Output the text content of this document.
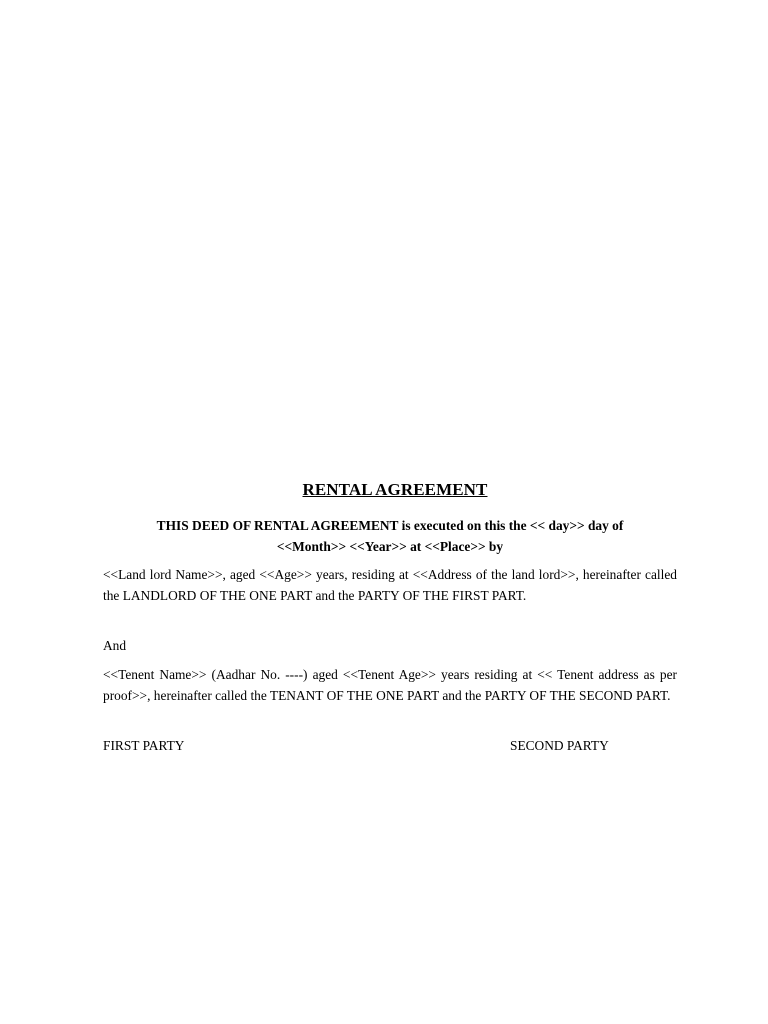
RENTAL AGREEMENT
THIS DEED OF RENTAL AGREEMENT is executed on this the << day>> day of
<<Month>> <<Year>> at <<Place>> by
<<Land lord Name>>, aged <<Age>> years, residing at <<Address of the land lord>>, hereinafter called the LANDLORD OF THE ONE PART and the PARTY OF THE FIRST PART.
And
<<Tenent Name>> (Aadhar No. ----) aged <<Tenent Age>> years residing at << Tenent address as per proof>>, hereinafter called the TENANT OF THE ONE PART and the PARTY OF THE SECOND PART.
FIRST PARTY	SECOND PARTY
